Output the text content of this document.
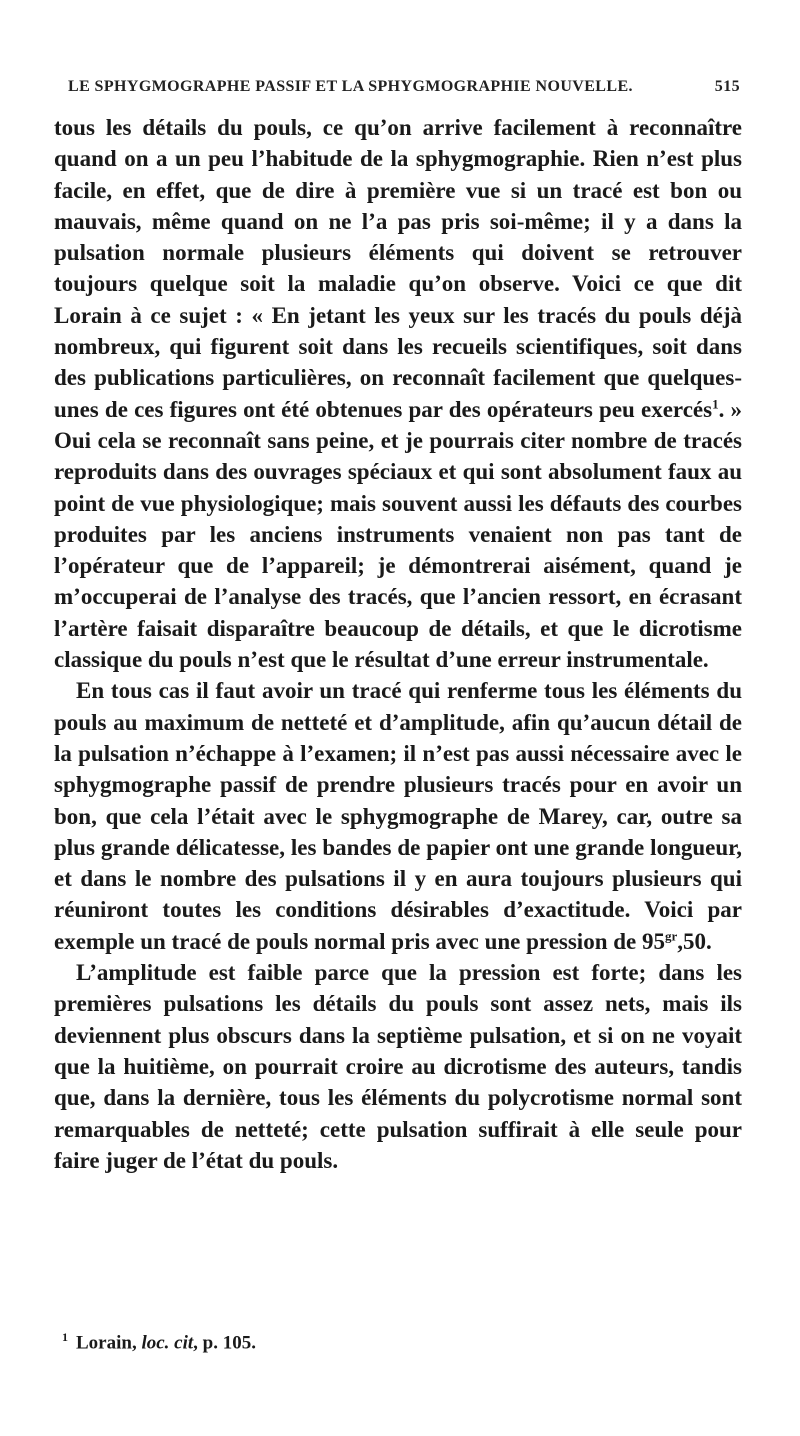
LE SPHYGMOGRAPHE PASSIF ET LA SPHYGMOGRAPHIE NOUVELLE.	515

tous les détails du pouls, ce qu’on arrive facilement à reconnaître quand on a un peu l’habitude de la sphygmographie. Rien n’est plus facile, en effet, que de dire à première vue si un tracé est bon ou mauvais, même quand on ne l’a pas pris soi-même; il y a dans la pulsation normale plusieurs éléments qui doivent se retrouver toujours quelque soit la maladie qu’on observe. Voici ce que dit Lorain à ce sujet : « En jetant les yeux sur les tracés du pouls déjà nombreux, qui figurent soit dans les recueils scientifiques, soit dans des publications particulières, on reconnaît facilement que quelques-unes de ces figures ont été obtenues par des opérateurs peu exercés$^1$. » Oui cela se reconnaît sans peine, et je pourrais citer nombre de tracés reproduits dans des ouvrages spéciaux et qui sont absolument faux au point de vue physiologique; mais souvent aussi les défauts des courbes produites par les anciens instruments venaient non pas tant de l’opérateur que de l’appareil; je démontrerai aisément, quand je m’occuperai de l’analyse des tracés, que l’ancien ressort, en écrasant l’artère faisait disparaître beaucoup de détails, et que le dicrotisme classique du pouls n’est que le résultat d’une erreur instrumentale.

En tous cas il faut avoir un tracé qui renferme tous les éléments du pouls au maximum de netteté et d’amplitude, afin qu’aucun détail de la pulsation n’échappe à l’examen; il n’est pas aussi nécessaire avec le sphygmographe passif de prendre plusieurs tracés pour en avoir un bon, que cela l’était avec le sphygmographe de Marey, car, outre sa plus grande délicatesse, les bandes de papier ont une grande longueur, et dans le nombre des pulsations il y en aura toujours plusieurs qui réuniront toutes les conditions désirables d’exactitude. Voici par exemple un tracé de pouls normal pris avec une pression de $95^{gr},50$.

L’amplitude est faible parce que la pression est forte; dans les premières pulsations les détails du pouls sont assez nets, mais ils deviennent plus obscurs dans la septième pulsation, et si on ne voyait que la huitième, on pourrait croire au dicrotisme des auteurs, tandis que, dans la dernière, tous les éléments du polycrotisme normal sont remarquables de netteté; cette pulsation suffirait à elle seule pour faire juger de l’état du pouls.

$^1$ Lorain, loc. cit, p. 105.
